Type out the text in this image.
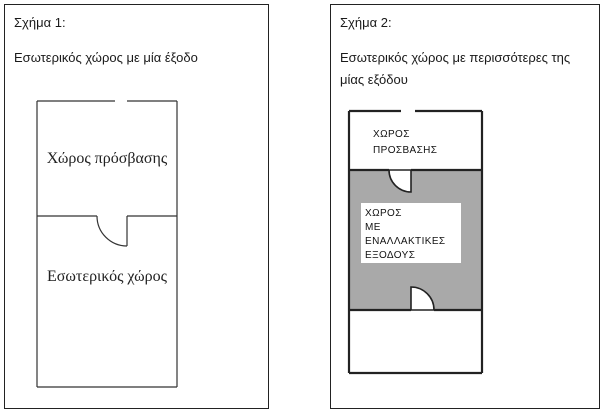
Σχήμα 1:
Εσωτερικός χώρος με μία έξοδο
Χώρος πρόσβασης
Εσωτερικός χώρος
Σχήμα 2:
Εσωτερικός χώρος με περισσότερες της
μίας εξόδου
ΧΩΡΟΣ
ΠΡΟΣΒΑΣΗΣ
ΧΩΡΟΣ
ΜΕ
ΕΝΑΛΛΑΚΤΙΚΕΣ
ΕΞΟΔΟΥΣ
